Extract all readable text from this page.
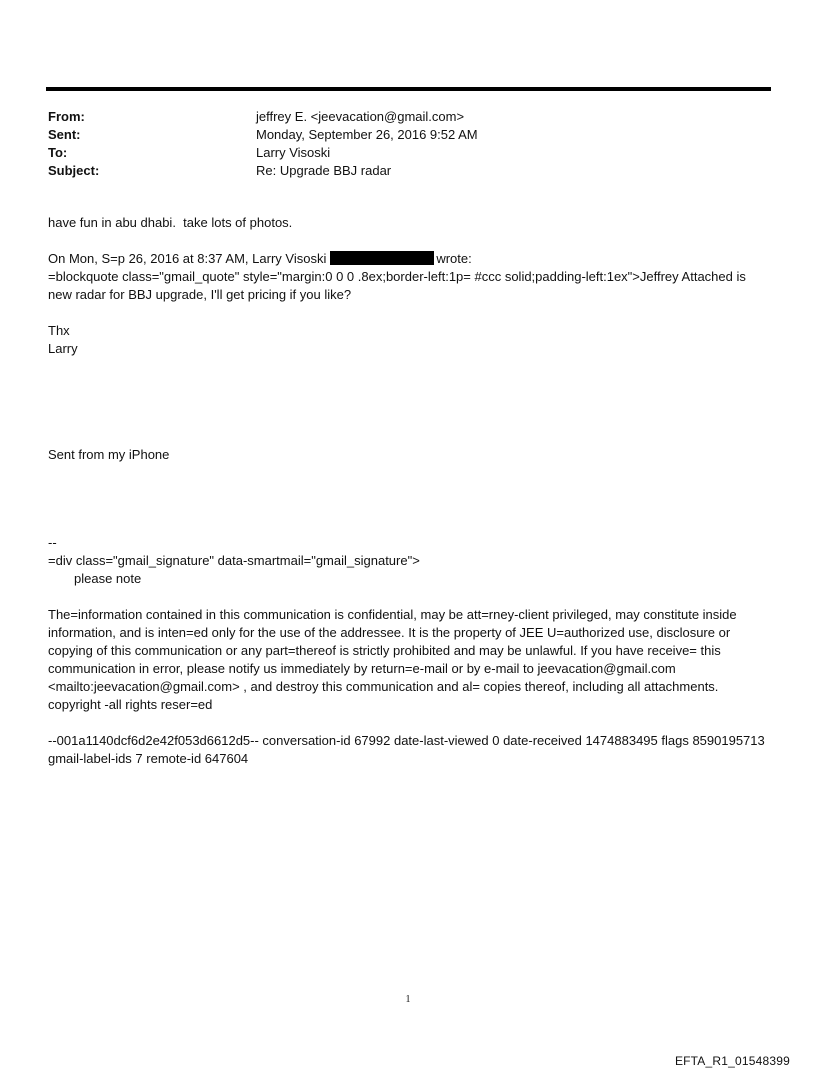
From:	jeffrey E. <jeevacation@gmail.com>
Sent:	Monday, September 26, 2016 9:52 AM
To:	Larry Visoski
Subject:	Re: Upgrade BBJ radar

have fun in abu dhabi.  take lots of photos.

On Mon, S=p 26, 2016 at 8:37 AM, Larry Visoski	wrote:

=blockquote class="gmail_quote" style="margin:0 0 0 .8ex;border-left:1p= #ccc solid;padding-left:1ex">Jeffrey Attached is new radar for BBJ upgrade, I'll get pricing if you like?

Thx

Larry

Sent from my iPhone

--

=div class="gmail_signature" data-smartmail="gmail_signature">

please note

The=information contained in this communication is confidential, may be att=rney-client privileged, may constitute inside information, and is inten=ed only for the use of the addressee. It is the property of JEE U=authorized use, disclosure or copying of this communication or any part=thereof is strictly prohibited and may be unlawful. If you have receive= this communication in error, please notify us immediately by return=e-mail or by e-mail to jeevacation@gmail.com <mailto:jeevacation@gmail.com> , and destroy this communication and al= copies thereof, including all attachments. copyright -all rights reser=ed

--001a1140dcf6d2e42f053d6612d5-- conversation-id 67992 date-last-viewed 0 date-received 1474883495 flags 8590195713 gmail-label-ids 7 remote-id 647604

1
EFTA_R1_01548399
